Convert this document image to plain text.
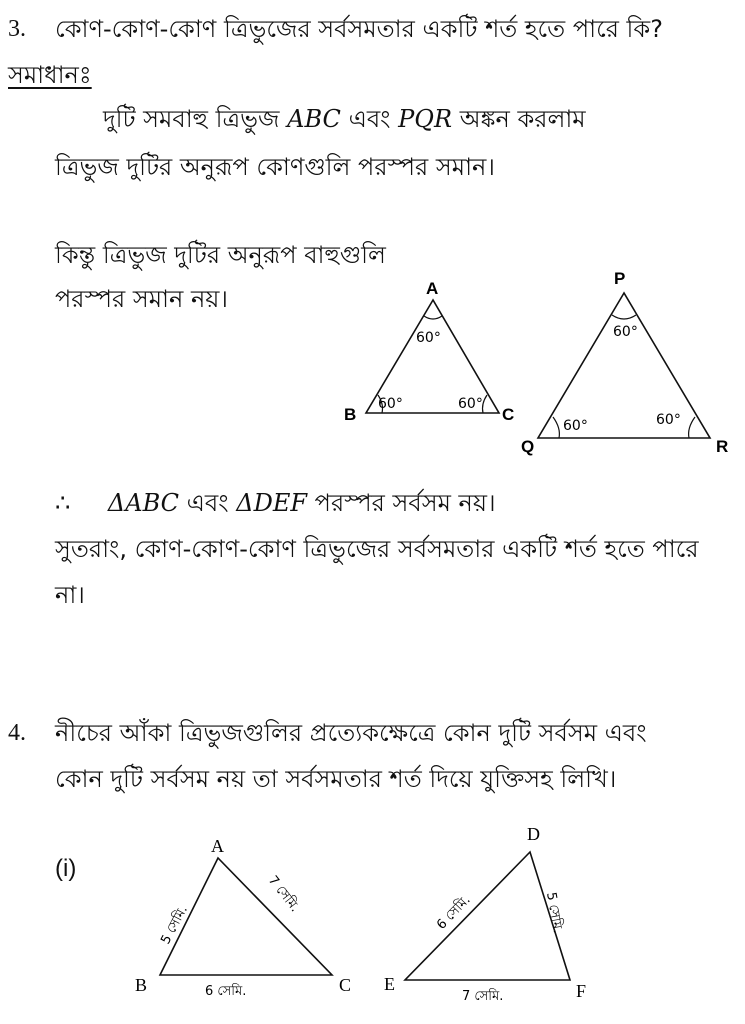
3. কোণ-কোণ-কোণ ত্রিভুজের সর্বসমতার একটি শর্ত হতে পারে কি?
সমাধানঃ
দুটি সমবাহু ত্রিভুজ ABC এবং PQR অঙ্কন করলাম
ত্রিভুজ দুটির অনুরূপ কোণগুলি পরস্পর সমান।
কিন্তু ত্রিভুজ দুটির অনুরূপ বাহুগুলি
পরস্পর সমান নয়।
∴ ΔABC এবং ΔDEF পরস্পর সর্বসম নয়।
সুতরাং, কোণ-কোণ-কোণ ত্রিভুজের সর্বসমতার একটি শর্ত হতে পারে
না।
A
B	C
60°
60°	60°
P
Q	R
60°
60°	60°
A
B	C
5 সেমি.
7 সেমি.
6 সেমি.
D
E	F
6 সেমি.	5 সেমি.
7 সেমি.
4. নীচের আঁকা ত্রিভুজগুলির প্রত্যেকক্ষেত্রে কোন দুটি সর্বসম এবং
কোন দুটি সর্বসম নয় তা সর্বসমতার শর্ত দিয়ে যুক্তিসহ লিখি।
(i)
